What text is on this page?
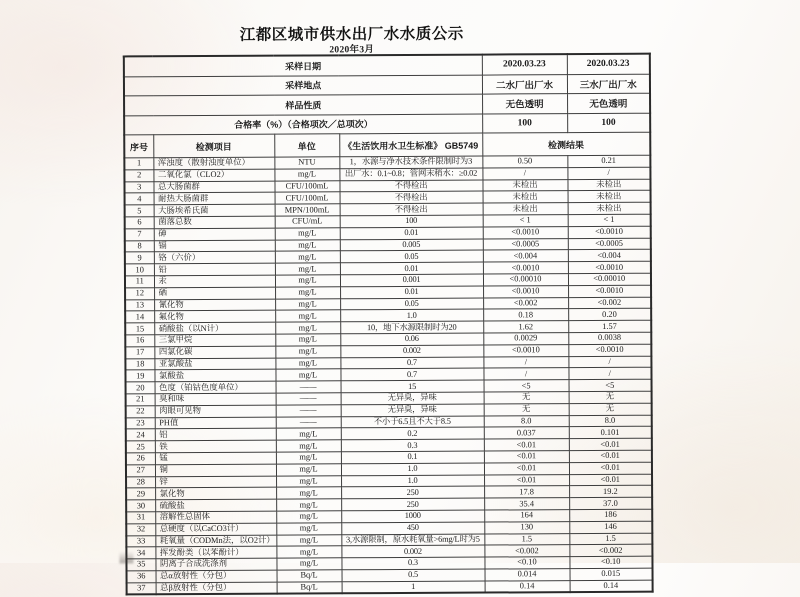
江都区城市供水出厂水水质公示
2020年3月
采样日期				2020.03.23	2020.03.23
采样地点				二水厂出厂水	三水厂出厂水
样品性质				无色透明	无色透明
合格率（%）（合格项次／总项次）				100	100
序号	检测项目	单位	《生活饮用水卫生标准》 GB5749	检测结果	
1	浑浊度（散射浊度单位）	NTU	1，水源与净水技术条件限制时为3	0.50	0.21
2	二氧化氯（CLO2）	mg/L	出厂水：0.1~0.8；管网末稍水：≥0.02	/	/
3	总大肠菌群	CFU/100mL	不得检出	未检出	未检出
4	耐热大肠菌群	CFU/100mL	不得检出	未检出	未检出
5	大肠埃希氏菌	MPN/100mL	不得检出	未检出	未检出
6	菌落总数	CFU/mL	100	< 1	< 1
7	砷	mg/L	0.01	<0.0010	<0.0010
8	镉	mg/L	0.005	<0.0005	<0.0005
9	铬（六价）	mg/L	0.05	<0.004	<0.004
10	铅	mg/L	0.01	<0.0010	<0.0010
11	汞	mg/L	0.001	<0.00010	<0.00010
12	硒	mg/L	0.01	<0.0010	<0.0010
13	氰化物	mg/L	0.05	<0.002	<0.002
14	氟化物	mg/L	1.0	0.18	0.20
15	硝酸盐（以N计）	mg/L	10，地下水源限制时为20	1.62	1.57
16	三氯甲烷	mg/L	0.06	0.0029	0.0038
17	四氯化碳	mg/L	0.002	<0.0010	<0.0010
18	亚氯酸盐	mg/L	0.7	/	/
19	氯酸盐	mg/L	0.7	/	/
20	色度（铂钴色度单位）	——	15	<5	<5
21	臭和味	——	无异臭，异味	无	无
22	肉眼可见物	——	无异臭，异味	无	无
23	PH值	——	不小于6.5且不大于8.5	8.0	8.0
24	铝	mg/L	0.2	0.037	0.101
25	铁	mg/L	0.3	<0.01	<0.01
26	锰	mg/L	0.1	<0.01	<0.01
27	铜	mg/L	1.0	<0.01	<0.01
28	锌	mg/L	1.0	<0.01	<0.01
29	氯化物	mg/L	250	17.8	19.2
30	硫酸盐	mg/L	250	35.4	37.0
31	溶解性总固体	mg/L	1000	164	186
32	总硬度（以CaCO3计）	mg/L	450	130	146
33	耗氧量（CODMn法，以O2计）	mg/L	3,水源限制，原水耗氧量>6mg/L时为5	1.5	1.5
34	挥发酚类（以苯酚计）	mg/L	0.002	<0.002	<0.002
35	阴离子合成洗涤剂	mg/L	0.3	<0.10	<0.10
36	总α放射性（分包）	Bq/L	0.5	0.014	0.015
37	总β放射性（分包）	Bq/L	1	0.14	0.14
